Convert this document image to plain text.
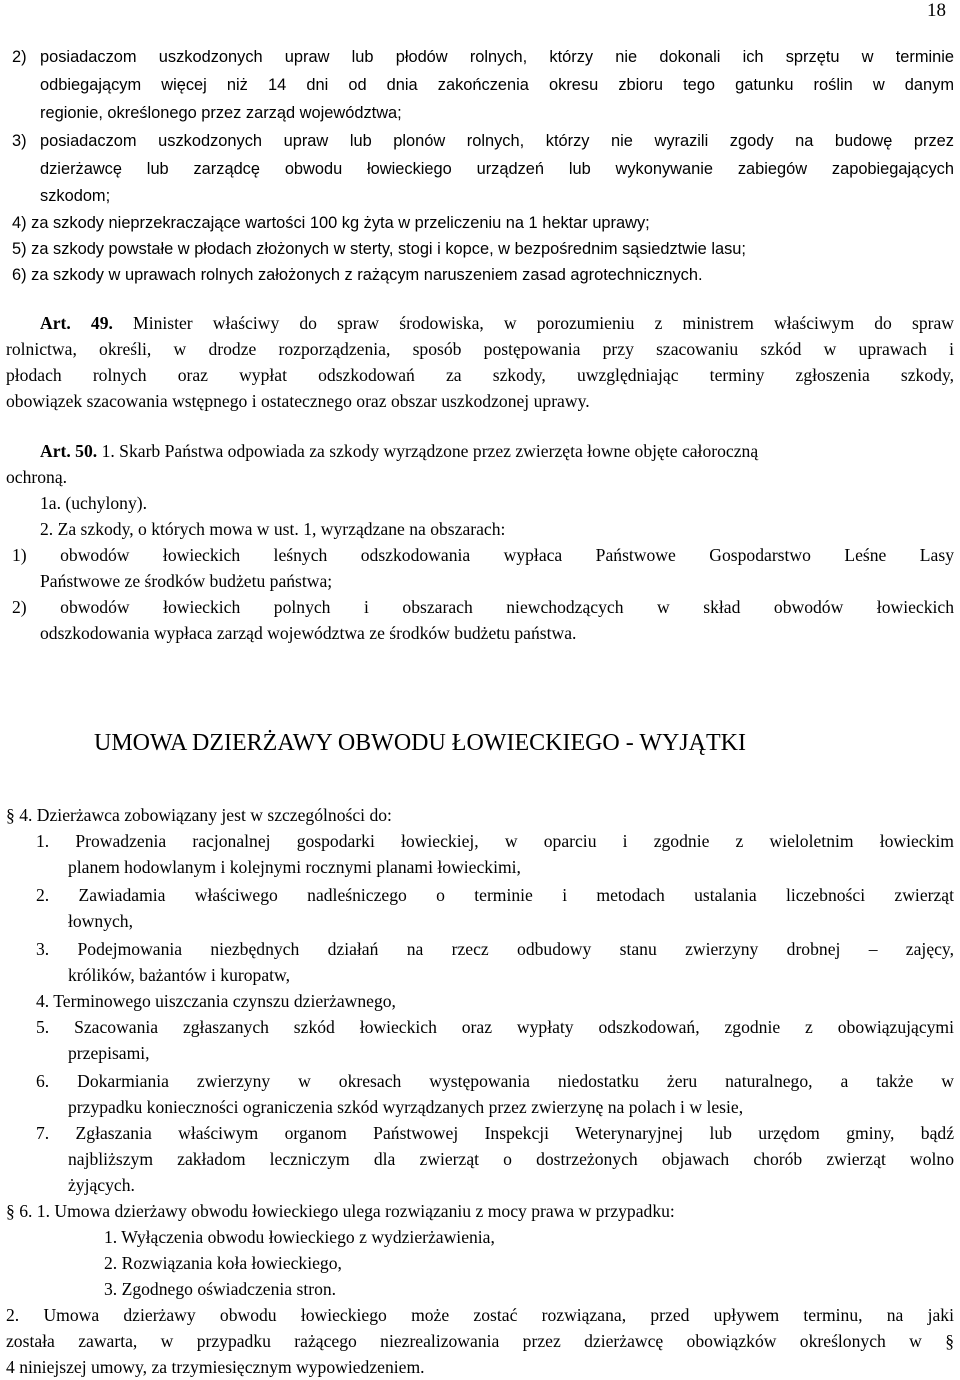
18
2) posiadaczom uszkodzonych upraw lub płodów rolnych, którzy nie dokonali ich sprzętu w terminie
odbiegającym więcej niż 14 dni od dnia zakończenia okresu zbioru tego gatunku roślin w danym
regionie, określonego przez zarząd województwa;
3) posiadaczom uszkodzonych upraw lub plonów rolnych, którzy nie wyrazili zgody na budowę przez
dzierżawcę lub zarządcę obwodu łowieckiego urządzeń lub wykonywanie zabiegów zapobiegających
szkodom;
4) za szkody nieprzekraczające wartości 100 kg żyta w przeliczeniu na 1 hektar uprawy;
5) za szkody powstałe w płodach złożonych w sterty, stogi i kopce, w bezpośrednim sąsiedztwie lasu;
6) za szkody w uprawach rolnych założonych z rażącym naruszeniem zasad agrotechnicznych.
Art. 49. Minister właściwy do spraw środowiska, w porozumieniu z ministrem właściwym do spraw
rolnictwa, określi, w drodze rozporządzenia, sposób postępowania przy szacowaniu szkód w uprawach i
płodach rolnych oraz wypłat odszkodowań za szkody, uwzględniając terminy zgłoszenia szkody,
obowiązek szacowania wstępnego i ostatecznego oraz obszar uszkodzonej uprawy.
Art. 50. 1. Skarb Państwa odpowiada za szkody wyrządzone przez zwierzęta łowne objęte całoroczną
ochroną.
1a. (uchylony).
2. Za szkody, o których mowa w ust. 1, wyrządzane na obszarach:
1) obwodów łowieckich leśnych odszkodowania wypłaca Państwowe Gospodarstwo Leśne Lasy
Państwowe ze środków budżetu państwa;
2) obwodów łowieckich polnych i obszarach niewchodzących w skład obwodów łowieckich
odszkodowania wypłaca zarząd województwa ze środków budżetu państwa.
UMOWA DZIERŻAWY OBWODU ŁOWIECKIEGO - WYJĄTKI
§ 4. Dzierżawca zobowiązany jest w szczególności do:
1. Prowadzenia racjonalnej gospodarki łowieckiej, w oparciu i zgodnie z wieloletnim łowieckim
planem hodowlanym i kolejnymi rocznymi planami łowieckimi,
2. Zawiadamia właściwego nadleśniczego o terminie i metodach ustalania liczebności zwierząt
łownych,
3. Podejmowania niezbędnych działań na rzecz odbudowy stanu zwierzyny drobnej – zajęcy,
królików, bażantów i kuropatw,
4. Terminowego uiszczania czynszu dzierżawnego,
5. Szacowania zgłaszanych szkód łowieckich oraz wypłaty odszkodowań, zgodnie z obowiązującymi
przepisami,
6. Dokarmiania zwierzyny w okresach występowania niedostatku żeru naturalnego, a także w
przypadku konieczności ograniczenia szkód wyrządzanych przez zwierzynę na polach i w lesie,
7. Zgłaszania właściwym organom Państwowej Inspekcji Weterynaryjnej lub urzędom gminy, bądź
najbliższym zakładom leczniczym dla zwierząt o dostrzeżonych objawach chorób zwierząt wolno
żyjących.
§ 6. 1. Umowa dzierżawy obwodu łowieckiego ulega rozwiązaniu z mocy prawa w przypadku:
1. Wyłączenia obwodu łowieckiego z wydzierżawienia,
2. Rozwiązania koła łowieckiego,
3. Zgodnego oświadczenia stron.
2. Umowa dzierżawy obwodu łowieckiego może zostać rozwiązana, przed upływem terminu, na jaki
została zawarta, w przypadku rażącego niezrealizowania przez dzierżawcę obowiązków określonych w §
4 niniejszej umowy, za trzymiesięcznym wypowiedzeniem.
